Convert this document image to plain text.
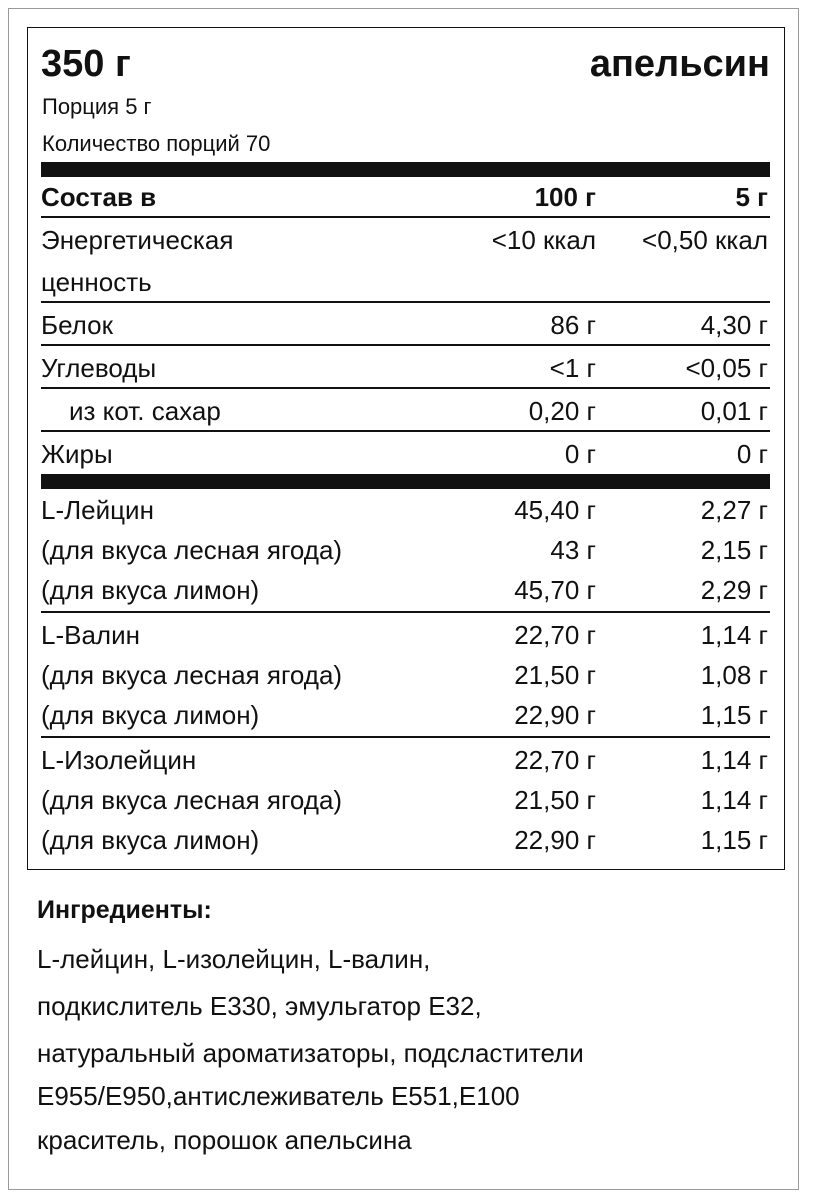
350 г	апельсин
Порция 5 г
Количество порций 70
Состав в	100 г	5 г
Энергетическая	<10 ккал <0,50 ккал
ценность
Белок	86 г	4,30 г
Углеводы	<1 г	<0,05 г
из кот. сахар	0,20 г	0,01 г
Жиры	0 г	0 г
L-Лейцин	45,40 г	2,27 г
(для вкуса лесная ягода)	43 г	2,15 г
(для вкуса лимон)	45,70 г	2,29 г
L-Валин	22,70 г	1,14 г
(для вкуса лесная ягода)	21,50 г	1,08 г
(для вкуса лимон)	22,90 г	1,15 г
L-Изолейцин	22,70 г	1,14 г
(для вкуса лесная ягода)	21,50 г	1,14 г
(для вкуса лимон)	22,90 г	1,15 г
Ингредиенты:
L-лейцин, L-изолейцин, L-валин,
подкислитель E330, эмульгатор E32,
натуральный ароматизаторы, подсластители
E955/E950,антислеживатель E551,E100
краситель, порошок апельсина
